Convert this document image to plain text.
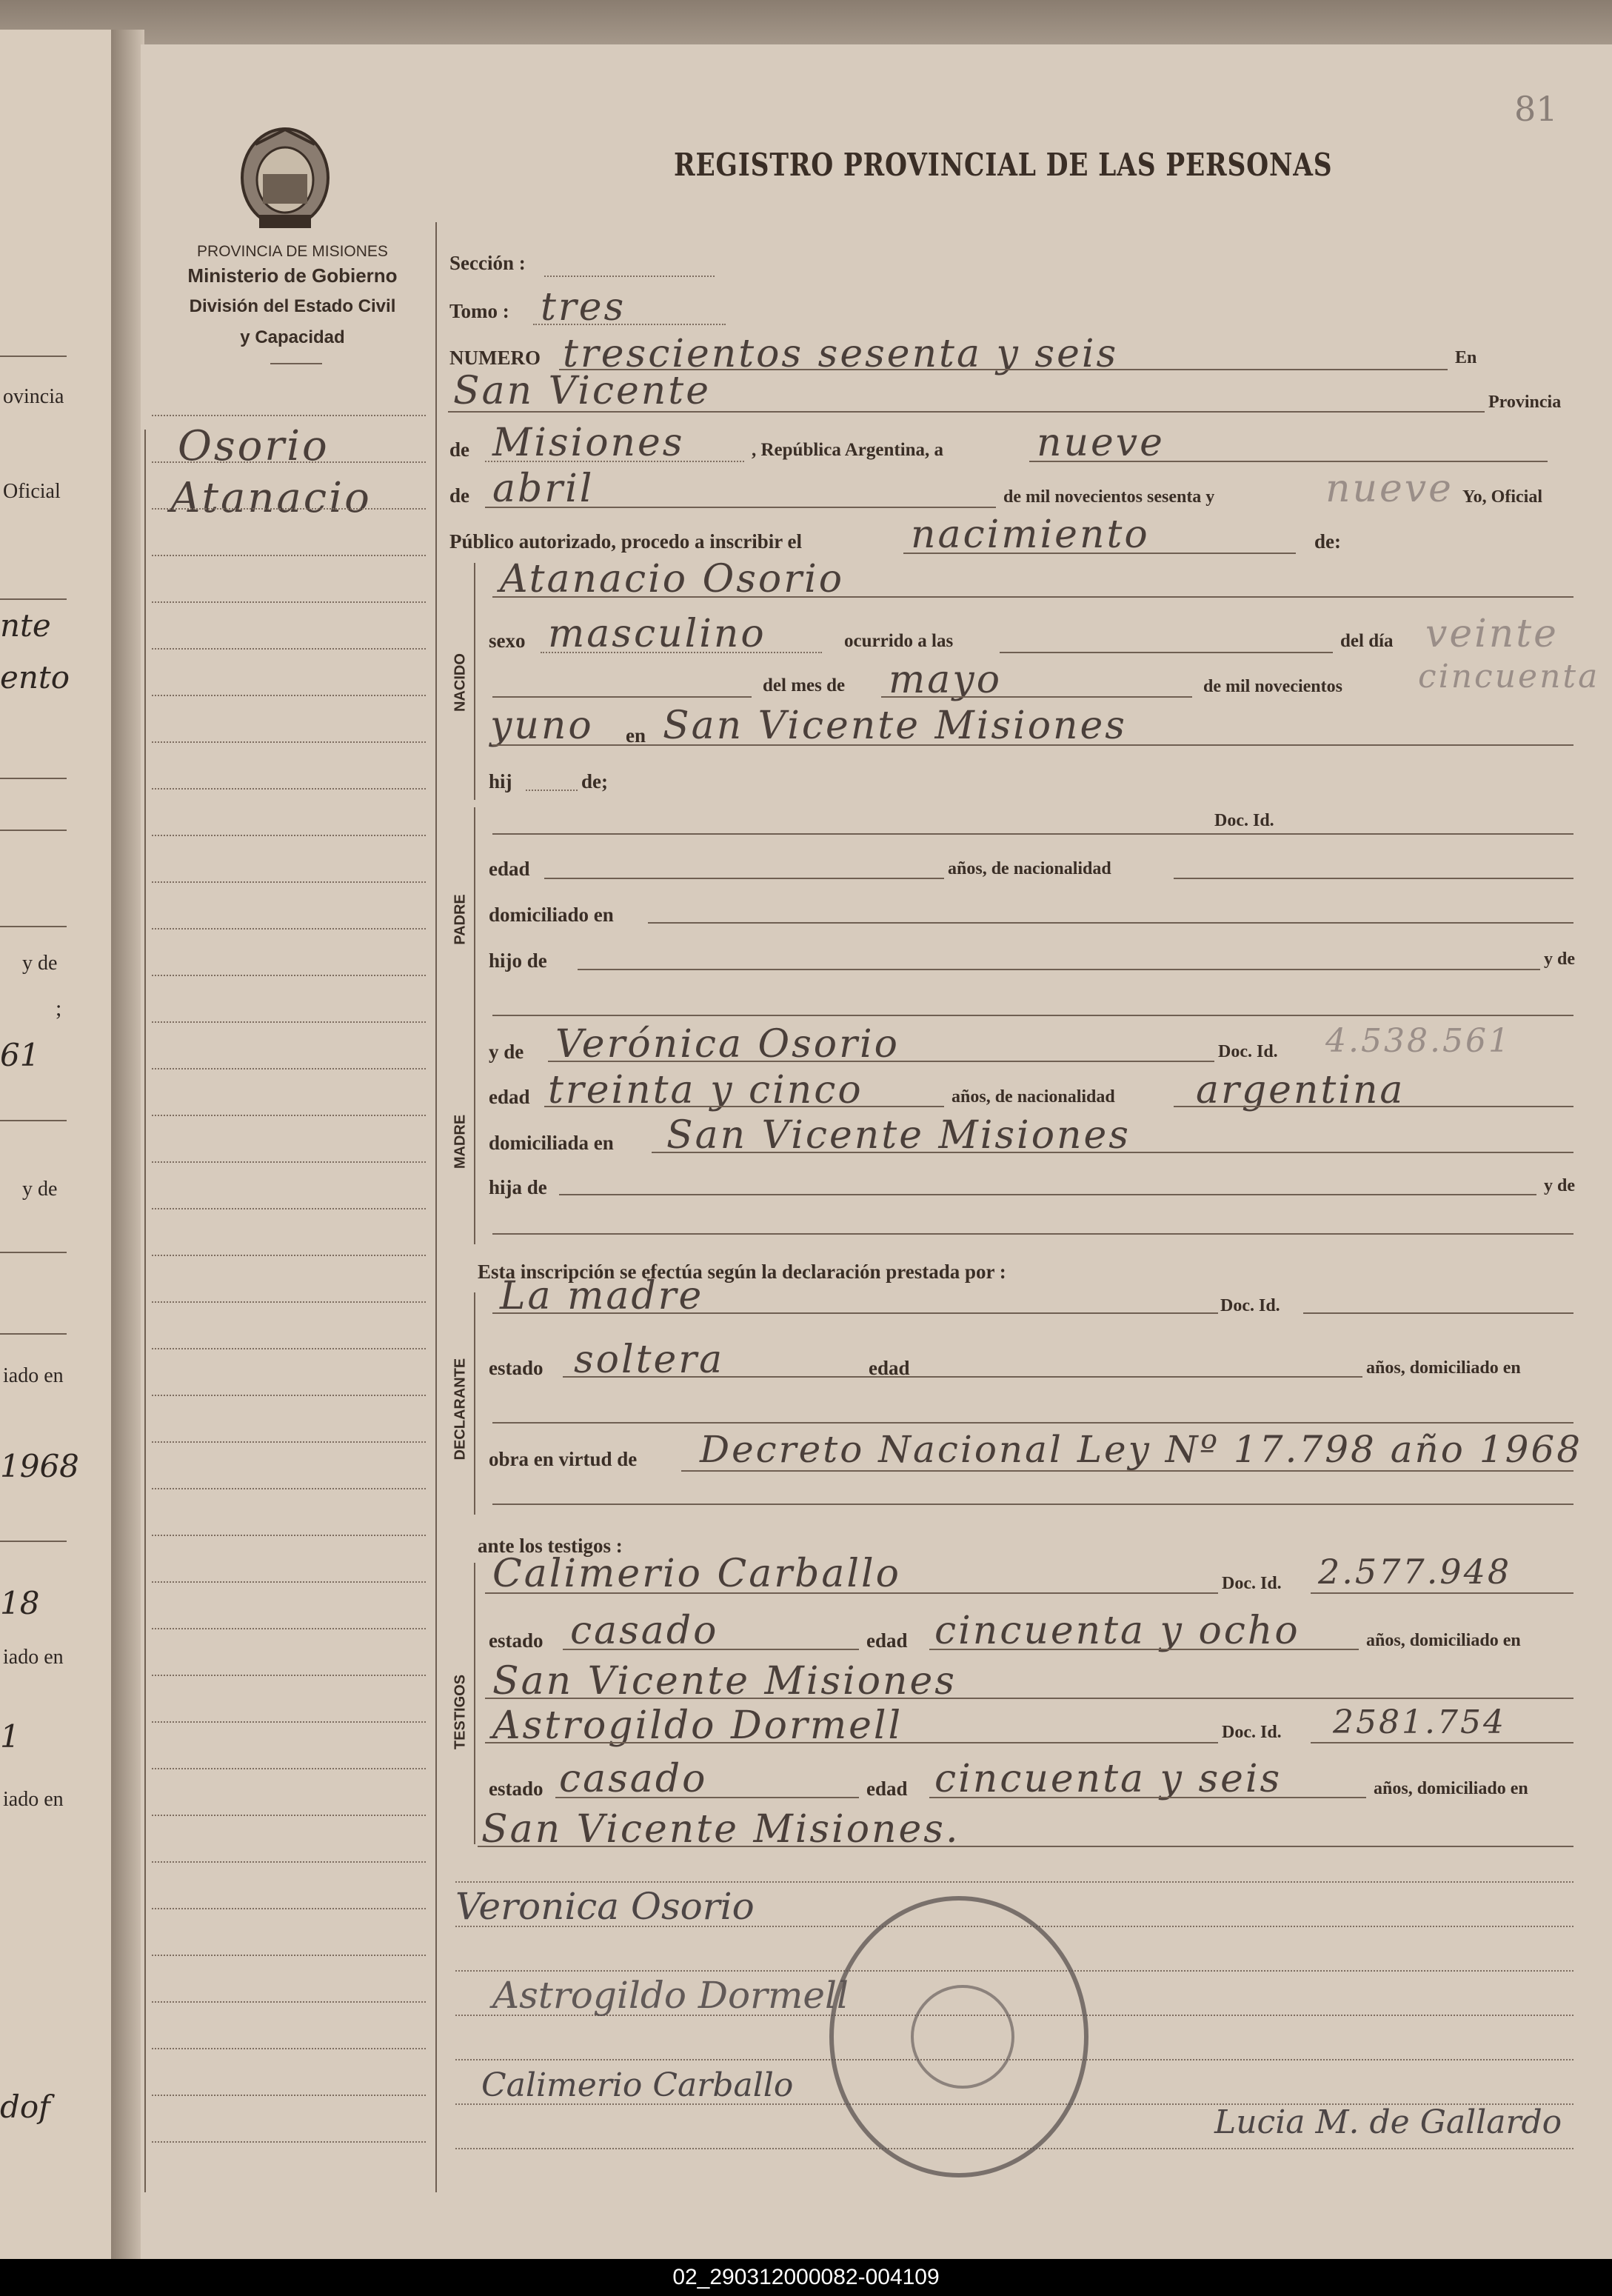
ovincia
Oficial
nte
ento
y de
;
61
y de
iado en
1968
18
iado en
1
iado en
dof
81
REGISTRO PROVINCIAL DE LAS PERSONAS
PROVINCIA DE MISIONES
Ministerio de Gobierno
División del Estado Civil
y Capacidad
Osorio
Atanacio
Sección :
Tomo : tres
NUMERO trescientos sesenta y seis	En
San Vicente	Provincia
de Misiones	, República Argentina, a nueve
de abril	de mil novecientos sesenta y	nueve Yo, Oficial
Público autorizado, procedo a inscribir el	nacimiento	de:
NACIDO
Atanacio Osorio
sexo masculino	ocurrido a las	del día veinte
del mes de mayo	de mil novecientos cincuenta
yuno en San Vicente Misiones
hij	de;
PADRE
Doc. Id.
edad	años, de nacionalidad
domiciliado en
hijo de	y de
MADRE
y de Verónica Osorio	Doc. Id. 4.538.561
edad treinta y cinco	años, de nacionalidad argentina
domiciliada en San Vicente Misiones
hija de	y de
Esta inscripción se efectúa según la declaración prestada por :
DECLARANTE
La madre	Doc. Id.
estado soltera	edad	años, domiciliado en
obra en virtud de Decreto Nacional Ley Nº 17.798 año 1968
ante los testigos :
TESTIGOS
Calimerio Carballo	Doc. Id. 2.577.948
estado casado	edad cincuenta y ocho	años, domiciliado en
San Vicente Misiones
Astrogildo Dormell	Doc. Id. 2581.754
estado casado	edad cincuenta y seis	años, domiciliado en
San Vicente Misiones.
Veronica Osorio
Astrogildo Dormell
Calimerio Carballo
Lucia M. de Gallardo
02_290312000082-004109
